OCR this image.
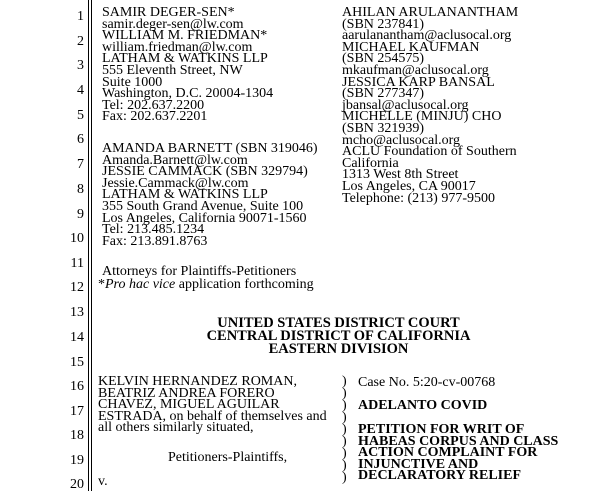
1
2
3
4
5
6
7
8
9
10
11
12
13
14
15
16
17
18
19
20
SAMIR DEGER-SEN*
samir.deger-sen@lw.com
WILLIAM M. FRIEDMAN*
william.friedman@lw.com
LATHAM & WATKINS LLP
555 Eleventh Street, NW
Suite 1000
Washington, D.C. 20004-1304
Tel: 202.637.2200
Fax: 202.637.2201
AMANDA BARNETT (SBN 319046)
Amanda.Barnett@lw.com
JESSIE CAMMACK (SBN 329794)
Jessie.Cammack@lw.com
LATHAM & WATKINS LLP
355 South Grand Avenue, Suite 100
Los Angeles, California 90071-1560
Tel: 213.485.1234
Fax: 213.891.8763
AHILAN ARULANANTHAM
(SBN 237841)
aarulanantham@aclusocal.org
MICHAEL KAUFMAN
(SBN 254575)
mkaufman@aclusocal.org
JESSICA KARP BANSAL
(SBN 277347)
jbansal@aclusocal.org
MICHELLE (MINJU) CHO
(SBN 321939)
mcho@aclusocal.org
ACLU Foundation of Southern
California
1313 West 8th Street
Los Angeles, CA 90017
Telephone: (213) 977-9500
Attorneys for Plaintiffs-Petitioners
*Pro hac vice application forthcoming
UNITED STATES DISTRICT COURT
CENTRAL DISTRICT OF CALIFORNIA
EASTERN DIVISION
KELVIN HERNANDEZ ROMAN,
BEATRIZ ANDREA FORERO
CHAVEZ, MIGUEL AGUILAR
ESTRADA, on behalf of themselves and
all others similarly situated,
Petitioners-Plaintiffs,
v.
)
)
)
)
)
)
)
)
)
Case No. 5:20-cv-00768
ADELANTO COVID
PETITION FOR WRIT OF
HABEAS CORPUS AND CLASS
ACTION COMPLAINT FOR
INJUNCTIVE AND
DECLARATORY RELIEF
